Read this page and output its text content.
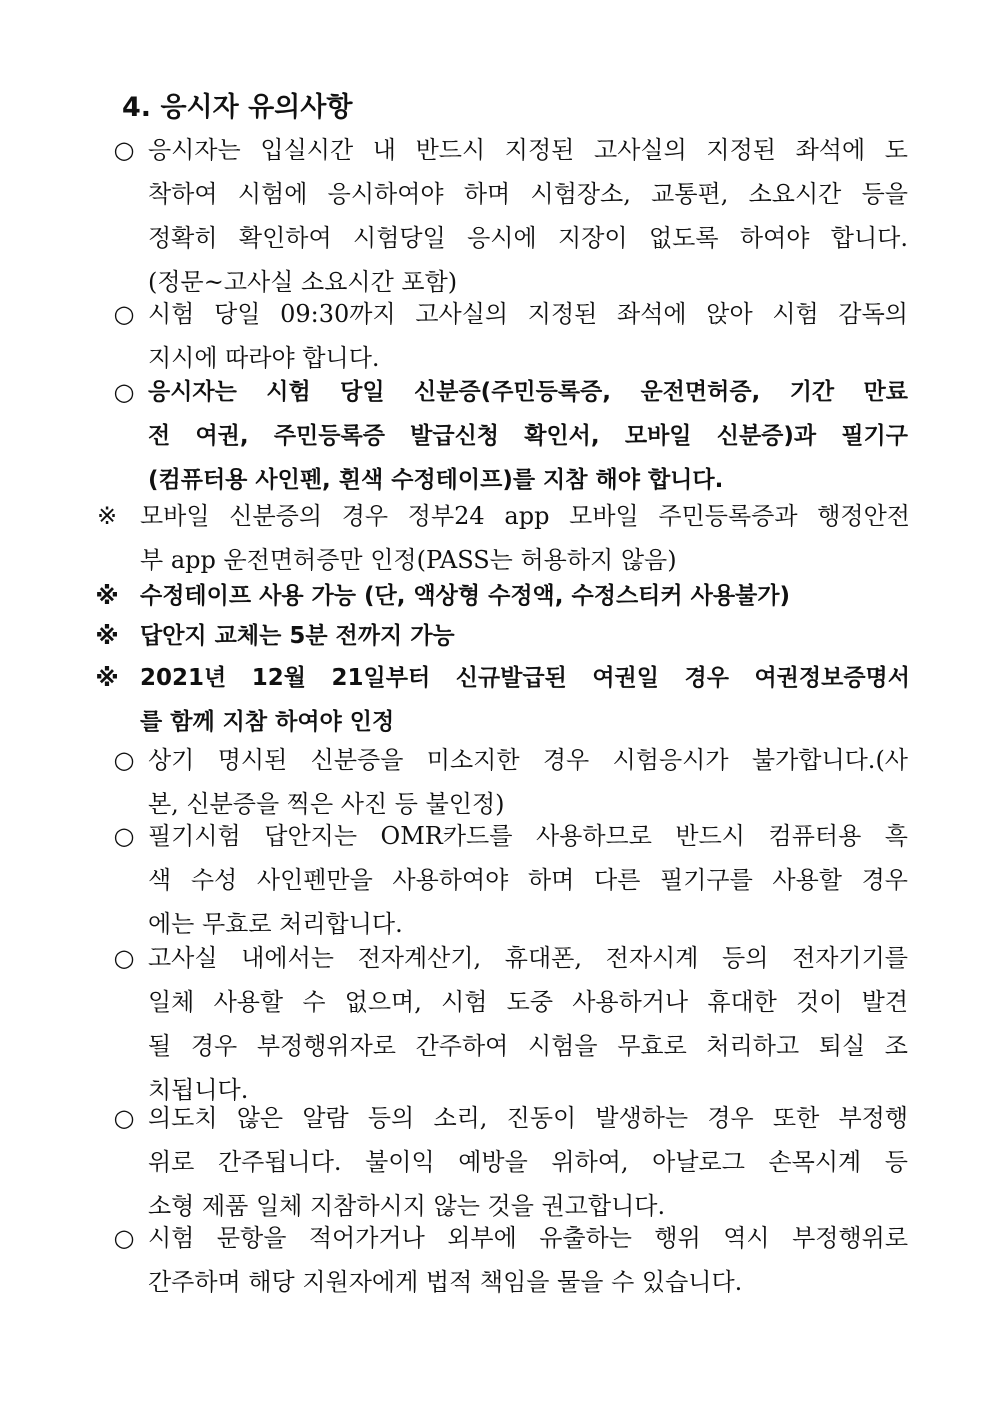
4. 응시자 유의사항
○ 응시자는 입실시간 내 반드시 지정된 고사실의 지정된 좌석에 도
착하여 시험에 응시하여야 하며 시험장소, 교통편, 소요시간 등을
정확히 확인하여 시험당일 응시에 지장이 없도록 하여야 합니다.
(정문~고사실 소요시간 포함)
○ 시험 당일 09:30까지 고사실의 지정된 좌석에 앉아 시험 감독의
지시에 따라야 합니다.
○ 응시자는 시험 당일 신분증(주민등록증, 운전면허증, 기간 만료
전 여권, 주민등록증 발급신청 확인서, 모바일 신분증)과 필기구
(컴퓨터용 사인펜, 흰색 수정테이프)를 지참 해야 합니다.
※ 모바일 신분증의 경우 정부24 app 모바일 주민등록증과 행정안전
부 app 운전면허증만 인정(PASS는 허용하지 않음)
※ 수정테이프 사용 가능 (단, 액상형 수정액, 수정스티커 사용불가)
※ 답안지 교체는 5분 전까지 가능
※ 2021년 12월 21일부터 신규발급된 여권일 경우 여권정보증명서
를 함께 지참 하여야 인정
○ 상기 명시된 신분증을 미소지한 경우 시험응시가 불가합니다.(사
본, 신분증을 찍은 사진 등 불인정)
○ 필기시험 답안지는 OMR카드를 사용하므로 반드시 컴퓨터용 흑
색 수성 사인펜만을 사용하여야 하며 다른 필기구를 사용할 경우
에는 무효로 처리합니다.
○ 고사실 내에서는 전자계산기, 휴대폰, 전자시계 등의 전자기기를
일체 사용할 수 없으며, 시험 도중 사용하거나 휴대한 것이 발견
될 경우 부정행위자로 간주하여 시험을 무효로 처리하고 퇴실 조
치됩니다.
○ 의도치 않은 알람 등의 소리, 진동이 발생하는 경우 또한 부정행
위로 간주됩니다. 불이익 예방을 위하여, 아날로그 손목시계 등
소형 제품 일체 지참하시지 않는 것을 권고합니다.
○ 시험 문항을 적어가거나 외부에 유출하는 행위 역시 부정행위로
간주하며 해당 지원자에게 법적 책임을 물을 수 있습니다.
